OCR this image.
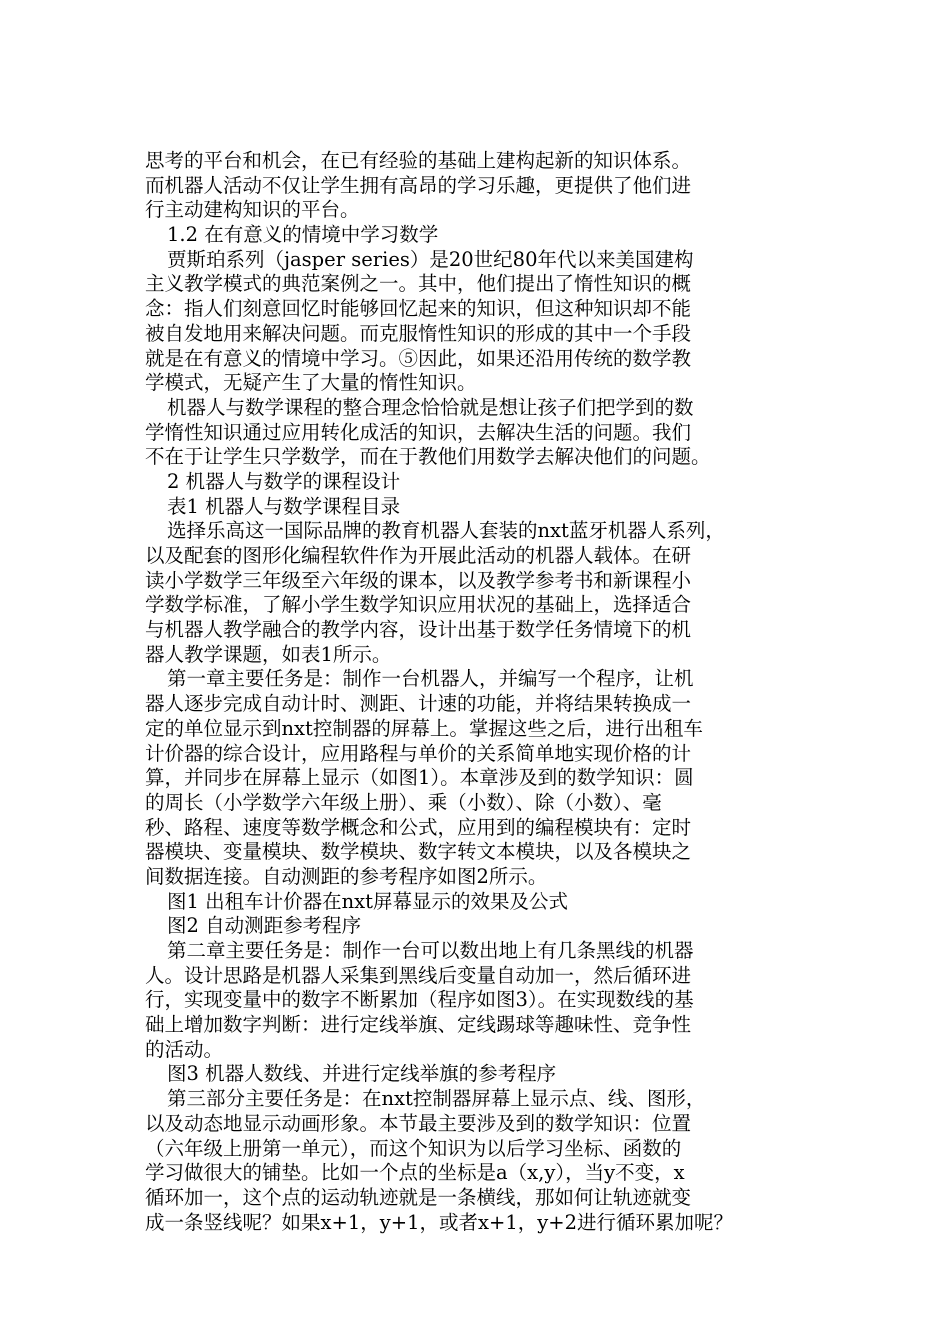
思考的平台和机会，在已有经验的基础上建构起新的知识体系。
而机器人活动不仅让学生拥有高昂的学习乐趣，更提供了他们进
行主动建构知识的平台。
1.2 在有意义的情境中学习数学
贾斯珀系列（jasper series）是20世纪80年代以来美国建构
主义教学模式的典范案例之一。其中，他们提出了惰性知识的概
念：指人们刻意回忆时能够回忆起来的知识，但这种知识却不能
被自发地用来解决问题。而克服惰性知识的形成的其中一个手段
就是在有意义的情境中学习。⑤因此，如果还沿用传统的数学教
学模式，无疑产生了大量的惰性知识。
机器人与数学课程的整合理念恰恰就是想让孩子们把学到的数
学惰性知识通过应用转化成活的知识，去解决生活的问题。我们
不在于让学生只学数学，而在于教他们用数学去解决他们的问题。
2 机器人与数学的课程设计
表1 机器人与数学课程目录
选择乐高这一国际品牌的教育机器人套装的nxt蓝牙机器人系列，
以及配套的图形化编程软件作为开展此活动的机器人载体。在研
读小学数学三年级至六年级的课本，以及教学参考书和新课程小
学数学标准，了解小学生数学知识应用状况的基础上，选择适合
与机器人教学融合的教学内容，设计出基于数学任务情境下的机
器人教学课题，如表1所示。
第一章主要任务是：制作一台机器人，并编写一个程序，让机
器人逐步完成自动计时、测距、计速的功能，并将结果转换成一
定的单位显示到nxt控制器的屏幕上。掌握这些之后，进行出租车
计价器的综合设计，应用路程与单价的关系简单地实现价格的计
算，并同步在屏幕上显示（如图1）。本章涉及到的数学知识：圆
的周长（小学数学六年级上册）、乘（小数）、除（小数）、毫
秒、路程、速度等数学概念和公式，应用到的编程模块有：定时
器模块、变量模块、数学模块、数字转文本模块，以及各模块之
间数据连接。自动测距的参考程序如图2所示。
图1 出租车计价器在nxt屏幕显示的效果及公式
图2 自动测距参考程序
第二章主要任务是：制作一台可以数出地上有几条黑线的机器
人。设计思路是机器人采集到黑线后变量自动加一，然后循环进
行，实现变量中的数字不断累加（程序如图3）。在实现数线的基
础上增加数字判断：进行定线举旗、定线踢球等趣味性、竞争性
的活动。
图3 机器人数线、并进行定线举旗的参考程序
第三部分主要任务是：在nxt控制器屏幕上显示点、线、图形，
以及动态地显示动画形象。本节最主要涉及到的数学知识：位置
（六年级上册第一单元），而这个知识为以后学习坐标、函数的
学习做很大的铺垫。比如一个点的坐标是a（x,y），当y不变，x
循环加一，这个点的运动轨迹就是一条横线，那如何让轨迹就变
成一条竖线呢？如果x+1，y+1，或者x+1，y+2进行循环累加呢？
